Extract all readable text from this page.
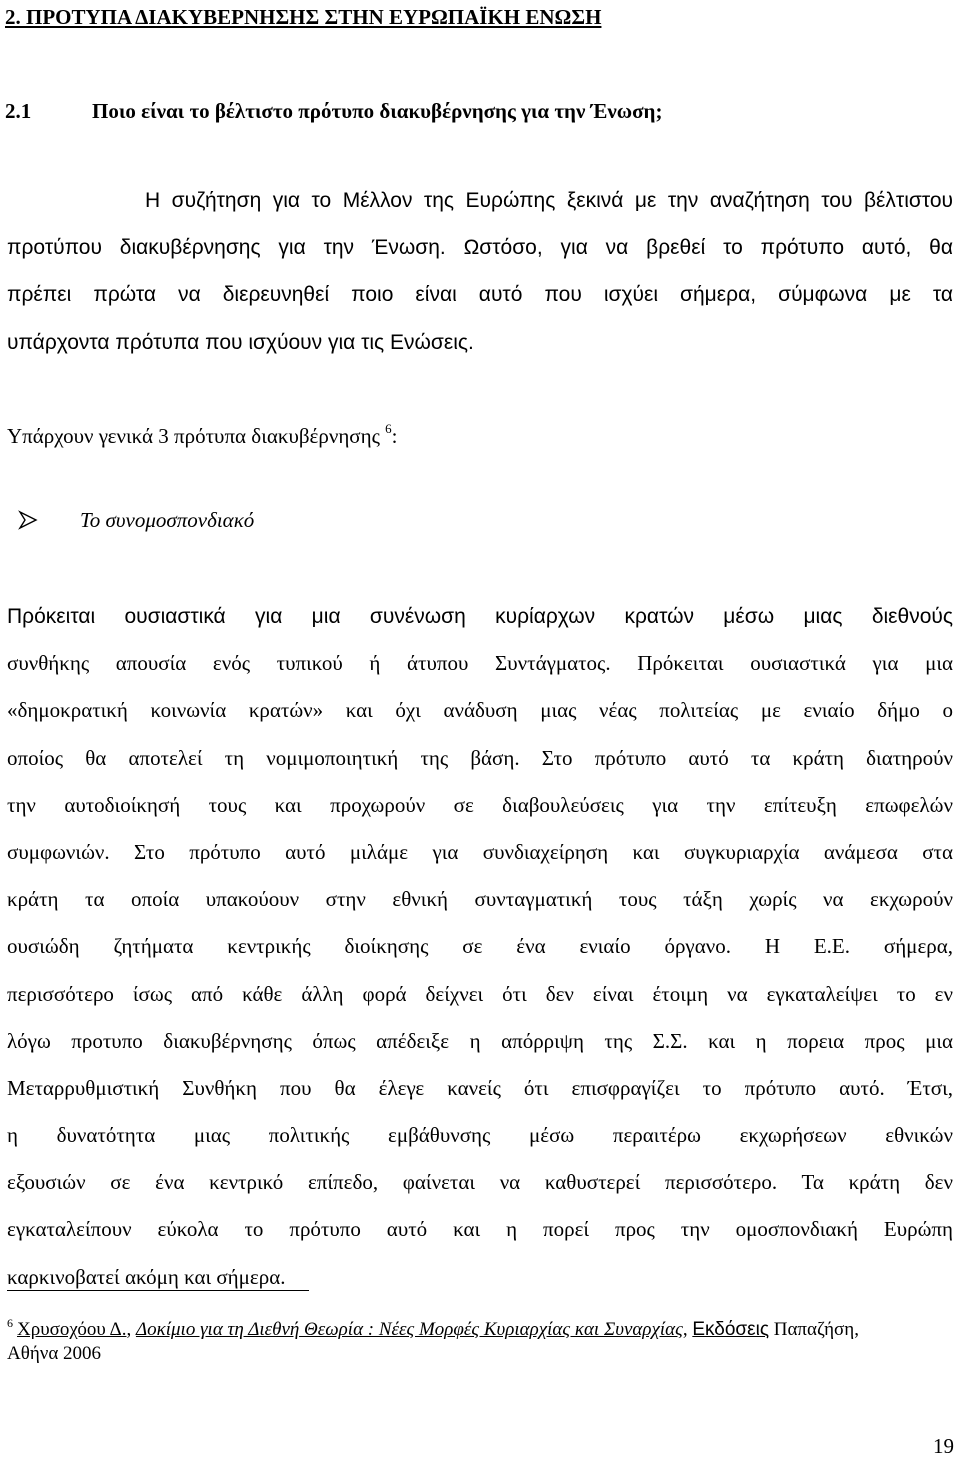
2. ΠΡΟΤΥΠΑ ΔΙΑΚΥΒΕΡΝΗΣΗΣ ΣΤΗΝ ΕΥΡΩΠΑΪΚΗ ΕΝΩΣΗ
2.1	Ποιο είναι το βέλτιστο πρότυπο διακυβέρνησης για την Ένωση;
Η συζήτηση για το Μέλλον της Ευρώπης ξεκινά με την αναζήτηση του βέλτιστου
προτύπου διακυβέρνησης για την Ένωση. Ωστόσο, για να βρεθεί το πρότυπο αυτό, θα
πρέπει πρώτα να διερευνηθεί ποιο είναι αυτό που ισχύει σήμερα, σύμφωνα με τα
υπάρχοντα πρότυπα που ισχύουν για τις Ενώσεις.
Υπάρχουν γενικά 3 πρότυπα διακυβέρνησης $^6$:
Το συνομοσπονδιακό
Πρόκειται ουσιαστικά για μια συνένωση κυρίαρχων κρατών μέσω μιας διεθνούς
συνθήκης απουσία ενός τυπικού ή άτυπου Συντάγματος. Πρόκειται ουσιαστικά για μια
«δημοκρατική κοινωνία κρατών» και όχι ανάδυση μιας νέας πολιτείας με ενιαίο δήμο ο
οποίος θα αποτελεί τη νομιμοποιητική της βάση. Στο πρότυπο αυτό τα κράτη διατηρούν
την αυτοδιοίκησή τους και προχωρούν σε διαβουλεύσεις για την επίτευξη επωφελών
συμφωνιών. Στο πρότυπο αυτό μιλάμε για συνδιαχείρηση και συγκυριαρχία ανάμεσα στα
κράτη τα οποία υπακούουν στην εθνική συνταγματική τους τάξη χωρίς να εκχωρούν
ουσιώδη ζητήματα κεντρικής διοίκησης σε ένα ενιαίο όργανο. Η Ε.Ε. σήμερα,
περισσότερο ίσως από κάθε άλλη φορά δείχνει ότι δεν είναι έτοιμη να εγκαταλείψει το εν
λόγω προτυπο διακυβέρνησης όπως απέδειξε η απόρριψη της Σ.Σ. και η πορεια προς μια
Μεταρρυθμιστική Συνθήκη που θα έλεγε κανείς ότι επισφραγίζει το πρότυπο αυτό. Έτσι,
η δυνατότητα μιας πολιτικής εμβάθυνσης μέσω περαιτέρω εκχωρήσεων εθνικών
εξουσιών σε ένα κεντρικό επίπεδο, φαίνεται να καθυστερεί περισσότερο. Τα κράτη δεν
εγκαταλείπουν εύκολα το πρότυπο αυτό και η πορεί προς την ομοσπονδιακή Ευρώπη
καρκινοβατεί ακόμη και σήμερα.
$^6$ Χρυσοχόου Δ., Δοκίμιο για τη Διεθνή Θεωρία : Νέες Μορφές Κυριαρχίας και Συναρχίας, Εκδόσεις Παπαζήση, Αθήνα 2006
19
